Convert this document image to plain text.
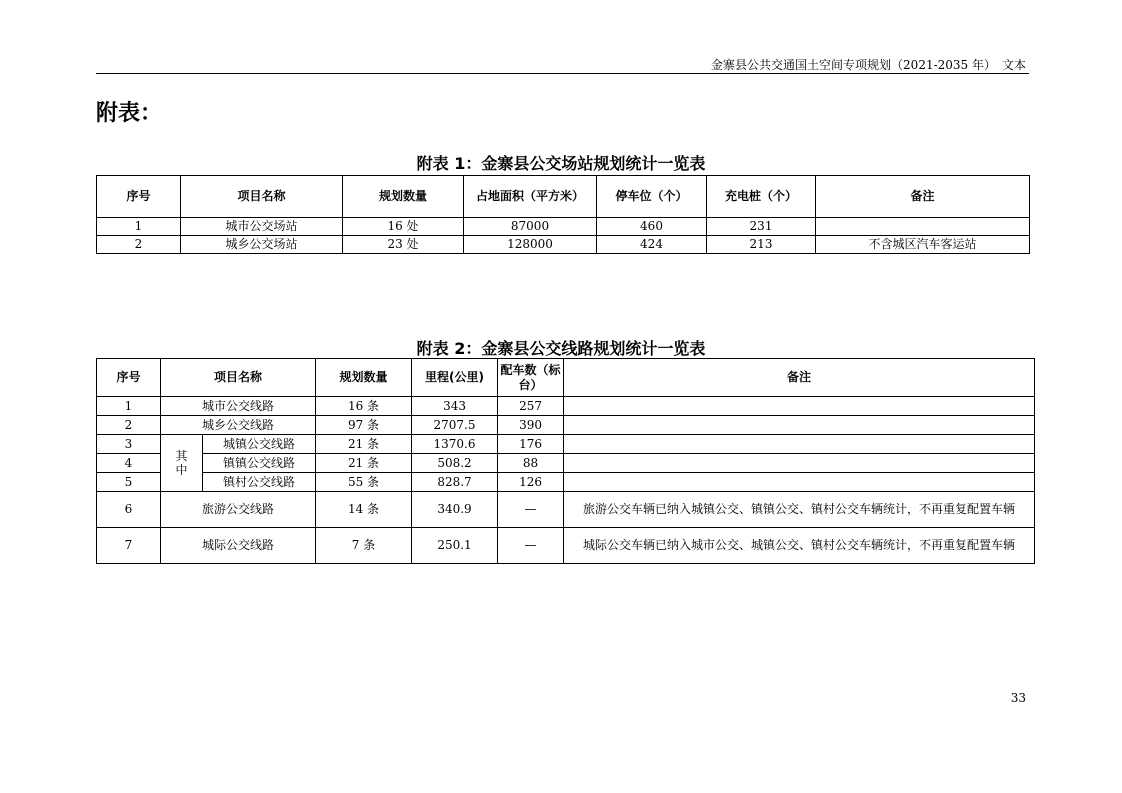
金寨县公共交通国土空间专项规划（2021-2035 年）　文本
附表：
附表 1：金寨县公交场站规划统计一览表
序号	项目名称	规划数量	占地面积（平方米）	停车位（个）	充电桩（个）	备注
1	城市公交场站	16 处	87000	460	231	
2	城乡公交场站	23 处	128000	424	213	不含城区汽车客运站
附表 2：金寨县公交线路规划统计一览表
序号	项目名称		规划数量	里程(公里)	配车数（标台）	备注
1	城市公交线路		16 条	343	257	
2	城乡公交线路		97 条	2707.5	390	
3	其中	城镇公交线路	21 条	1370.6	176	
4		镇镇公交线路	21 条	508.2	88	
5		镇村公交线路	55 条	828.7	126	
6	旅游公交线路		14 条	340.9	—	旅游公交车辆已纳入城镇公交、镇镇公交、镇村公交车辆统计，不再重复配置车辆
7	城际公交线路		7 条	250.1	—	城际公交车辆已纳入城市公交、城镇公交、镇村公交车辆统计，不再重复配置车辆
33
